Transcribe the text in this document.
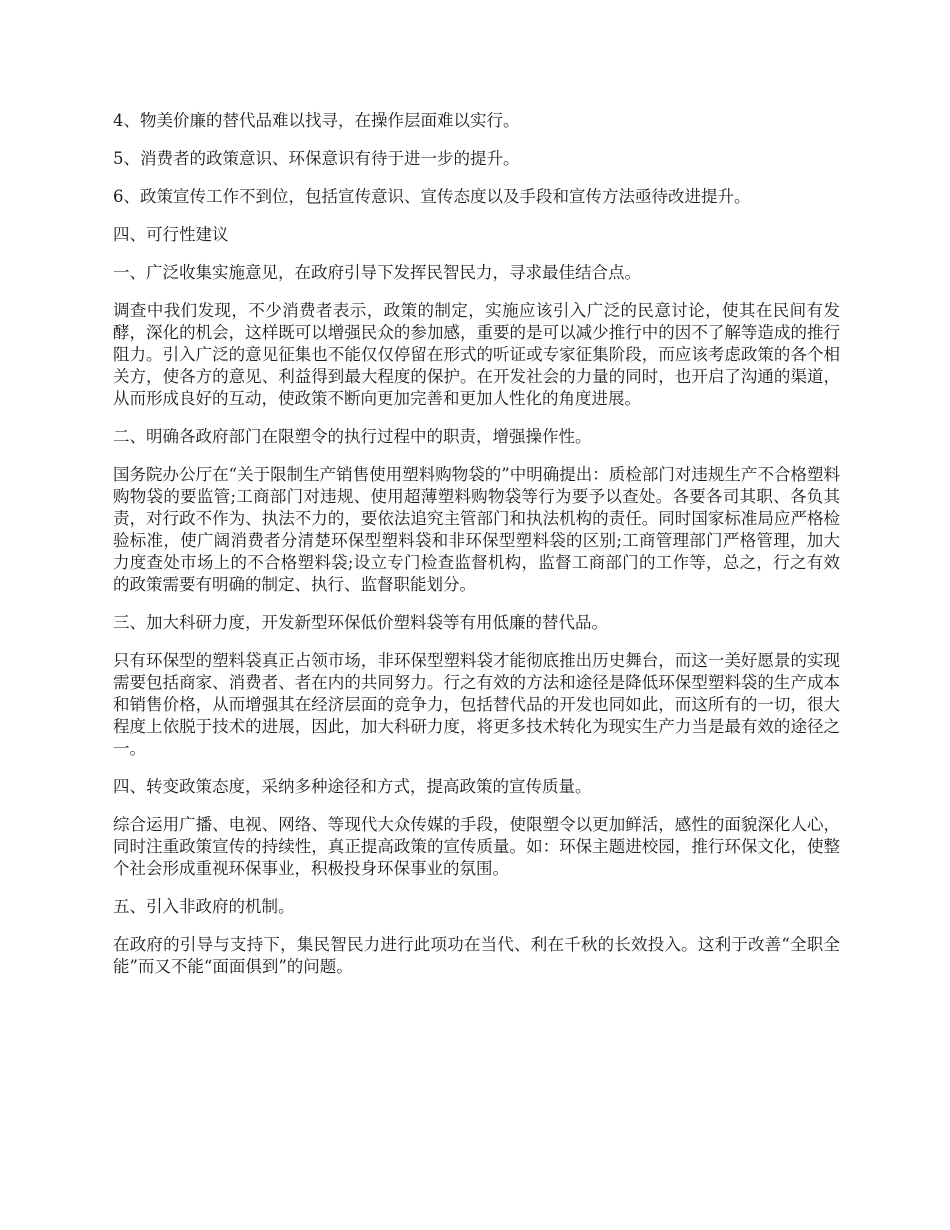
4、物美价廉的替代品难以找寻，在操作层面难以实行。

5、消费者的政策意识、环保意识有待于进一步的提升。

6、政策宣传工作不到位，包括宣传意识、宣传态度以及手段和宣传方法亟待改进提升。

四、可行性建议

一、广泛收集实施意见，在政府引导下发挥民智民力，寻求最佳结合点。

调查中我们发现，不少消费者表示，政策的制定，实施应该引入广泛的民意讨论，使其在民间有发酵，深化的机会，这样既可以增强民众的参加感，重要的是可以减少推行中的因不了解等造成的推行阻力。引入广泛的意见征集也不能仅仅停留在形式的听证或专家征集阶段，而应该考虑政策的各个相关方，使各方的意见、利益得到最大程度的保护。在开发社会的力量的同时，也开启了沟通的渠道，从而形成良好的互动，使政策不断向更加完善和更加人性化的角度进展。

二、明确各政府部门在限塑令的执行过程中的职责，增强操作性。

国务院办公厅在“关于限制生产销售使用塑料购物袋的”中明确提出：质检部门对违规生产不合格塑料购物袋的要监管;工商部门对违规、使用超薄塑料购物袋等行为要予以查处。各要各司其职、各负其责，对行政不作为、执法不力的，要依法追究主管部门和执法机构的责任。同时国家标准局应严格检验标准，使广阔消费者分清楚环保型塑料袋和非环保型塑料袋的区别;工商管理部门严格管理，加大力度查处市场上的不合格塑料袋;设立专门检查监督机构，监督工商部门的工作等，总之，行之有效的政策需要有明确的制定、执行、监督职能划分。

三、加大科研力度，开发新型环保低价塑料袋等有用低廉的替代品。

只有环保型的塑料袋真正占领市场，非环保型塑料袋才能彻底推出历史舞台，而这一美好愿景的实现需要包括商家、消费者、者在内的共同努力。行之有效的方法和途径是降低环保型塑料袋的生产成本和销售价格，从而增强其在经济层面的竞争力，包括替代品的开发也同如此，而这所有的一切，很大程度上依脱于技术的进展，因此，加大科研力度，将更多技术转化为现实生产力当是最有效的途径之一。

四、转变政策态度，采纳多种途径和方式，提高政策的宣传质量。

综合运用广播、电视、网络、等现代大众传媒的手段，使限塑令以更加鲜活，感性的面貌深化人心，同时注重政策宣传的持续性，真正提高政策的宣传质量。如：环保主题进校园，推行环保文化，使整个社会形成重视环保事业，积极投身环保事业的氛围。

五、引入非政府的机制。

在政府的引导与支持下，集民智民力进行此项功在当代、利在千秋的长效投入。这利于改善“全职全能”而又不能“面面俱到”的问题。
